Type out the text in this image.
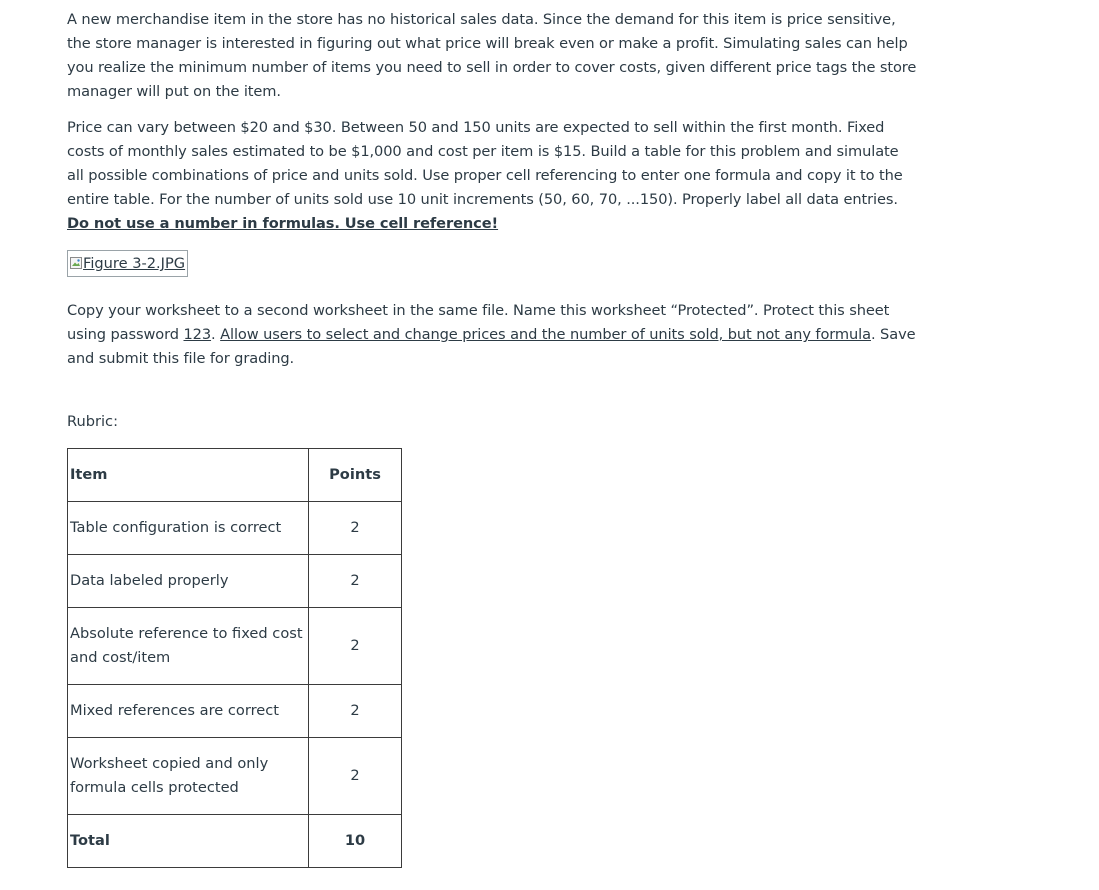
A new merchandise item in the store has no historical sales data. Since the demand for this item is price sensitive, the store manager is interested in figuring out what price will break even or make a profit. Simulating sales can help you realize the minimum number of items you need to sell in order to cover costs, given different price tags the store manager will put on the item.

Price can vary between $20 and $30. Between 50 and 150 units are expected to sell within the first month. Fixed costs of monthly sales estimated to be $1,000 and cost per item is $15. Build a table for this problem and simulate all possible combinations of price and units sold. Use proper cell referencing to enter one formula and copy it to the entire table. For the number of units sold use 10 unit increments (50, 60, 70, ...150). Properly label all data entries. Do not use a number in formulas. Use cell reference!

Figure 3-2.JPG

Copy your worksheet to a second worksheet in the same file. Name this worksheet “Protected”. Protect this sheet using password 123. Allow users to select and change prices and the number of units sold, but not any formula. Save and submit this file for grading.

Rubric:
Item	Points
Table configuration is correct	2
Data labeled properly	2
Absolute reference to fixed cost and cost/item	2
Mixed references are correct	2
Worksheet copied and only formula cells protected	2
Total	10
